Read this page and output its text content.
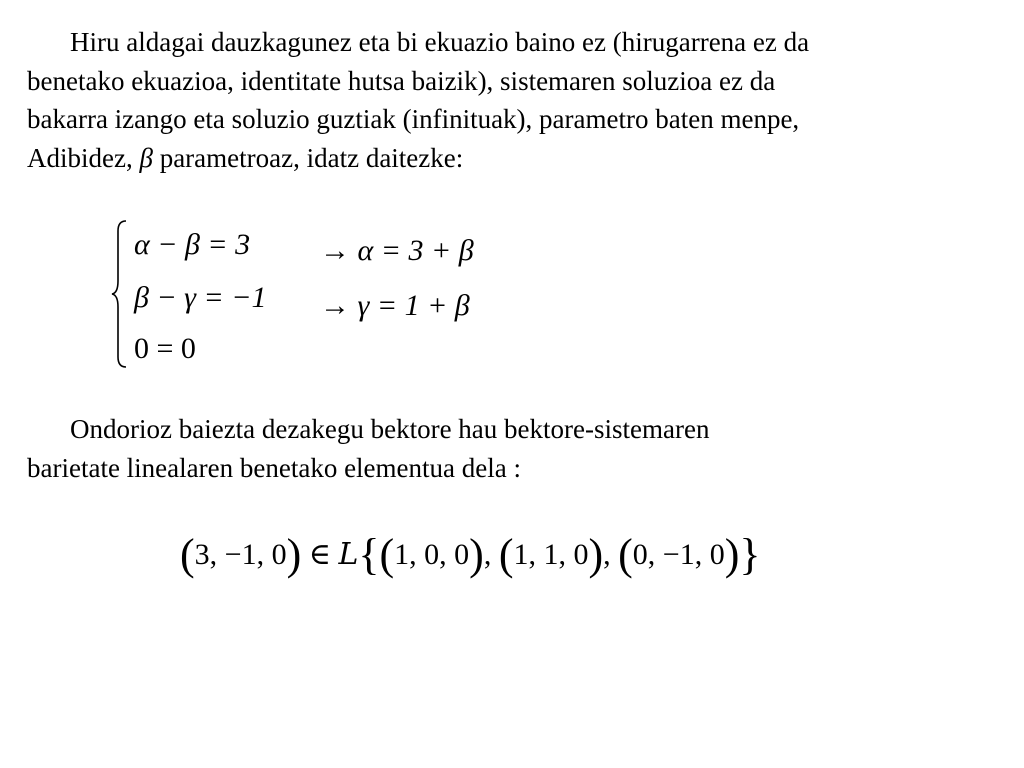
Hiru aldagai dauzkagunez eta bi ekuazio baino ez (hirugarrena ez da
benetako ekuazioa, identitate hutsa baizik), sistemaren soluzioa ez da
bakarra izango eta soluzio guztiak (infinituak), parametro baten menpe,
Adibidez, β parametroaz, idatz daitezke:
α − β = 3
β − γ = −1
0 = 0
→ α = 3 + β
→ γ = 1 + β
Ondorioz baiezta dezakegu bektore hau bektore-sistemaren
barietate linealaren benetako elementua dela :
(3, −1, 0) ∈ L{(1, 0, 0), (1, 1, 0), (0, −1, 0)}
